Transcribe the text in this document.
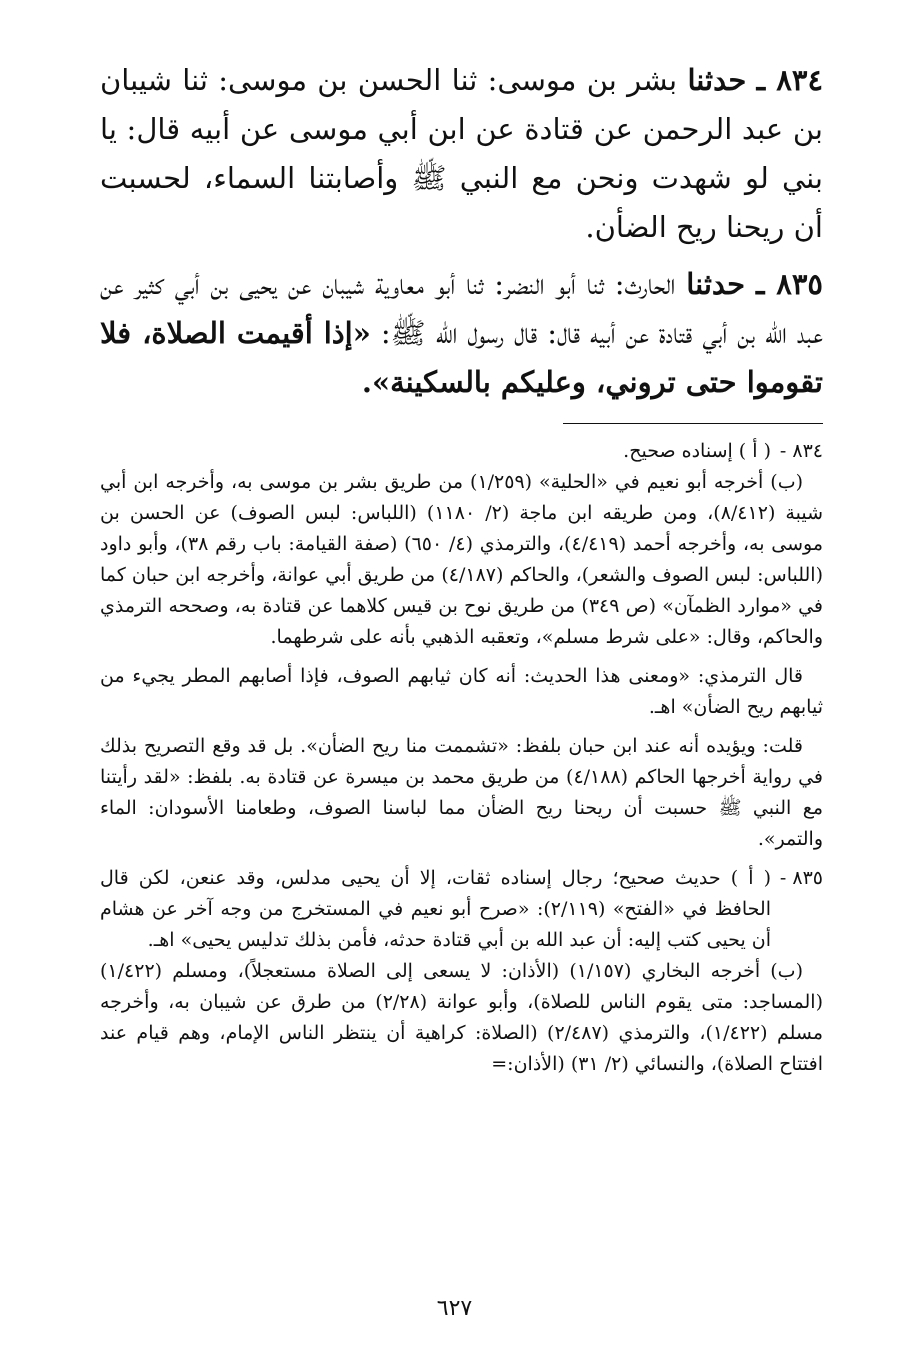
٨٣٤ ـ حدثنا بشر بن موسى: ثنا الحسن بن موسى: ثنا شيبان بن عبد الرحمن عن قتادة عن ابن أبي موسى عن أبيه قال: يا بني لو شهدت ونحن مع النبي ﷺ وأصابتنا السماء، لحسبت أن ريحنا ريح الضأن.

٨٣٥ ـ حدثنا الحارث: ثنا أبو النضر: ثنا أبو معاوية شيبان عن يحيى بن أبي كثير عن عبد الله بن أبي قتادة عن أبيه قال: قال رسول الله ﷺ: «إذا أقيمت الصلاة، فلا تقوموا حتى تروني، وعليكم بالسكينة».

٨٣٤ -
( أ ) إسناده صحيح.

(ب) أخرجه أبو نعيم في «الحلية» (١/٢٥٩) من طريق بشر بن موسى به، وأخرجه ابن أبي شيبة (٨/٤١٢)، ومن طريقه ابن ماجة (٢/ ١١٨٠) (اللباس: لبس الصوف) عن الحسن بن موسى به، وأخرجه أحمد (٤/٤١٩)، والترمذي (٤/ ٦٥٠) (صفة القيامة: باب رقم ٣٨)، وأبو داود (اللباس: لبس الصوف والشعر)، والحاكم (٤/١٨٧) من طريق أبي عوانة، وأخرجه ابن حبان كما في «موارد الظمآن» (ص ٣٤٩) من طريق نوح بن قيس كلاهما عن قتادة به، وصححه الترمذي والحاكم، وقال: «على شرط مسلم»، وتعقبه الذهبي بأنه على شرطهما.

قال الترمذي: «ومعنى هذا الحديث: أنه كان ثيابهم الصوف، فإذا أصابهم المطر يجيء من ثيابهم ريح الضأن» اهـ.

قلت: ويؤيده أنه عند ابن حبان بلفظ: «تشممت منا ريح الضأن». بل قد وقع التصريح بذلك في رواية أخرجها الحاكم (٤/١٨٨) من طريق محمد بن ميسرة عن قتادة به. بلفظ: «لقد رأيتنا مع النبي ﷺ حسبت أن ريحنا ريح الضأن مما لباسنا الصوف، وطعامنا الأسودان: الماء والتمر».

٨٣٥ -
( أ ) حديث صحيح؛ رجال إسناده ثقات، إلا أن يحيى مدلس، وقد عنعن، لكن قال الحافظ في «الفتح» (٢/١١٩): «صرح أبو نعيم في المستخرج من وجه آخر عن هشام أن يحيى كتب إليه: أن عبد الله بن أبي قتادة حدثه، فأمن بذلك تدليس يحيى» اهـ.

(ب) أخرجه البخاري (١/١٥٧) (الأذان: لا يسعى إلى الصلاة مستعجلاً)، ومسلم (١/٤٢٢) (المساجد: متى يقوم الناس للصلاة)، وأبو عوانة (٢/٢٨) من طرق عن شيبان به، وأخرجه مسلم (١/٤٢٢)، والترمذي (٢/٤٨٧) (الصلاة: كراهية أن ينتظر الناس الإمام، وهم قيام عند افتتاح الصلاة)، والنسائي (٢/ ٣١) (الأذان:=

٦٢٧
